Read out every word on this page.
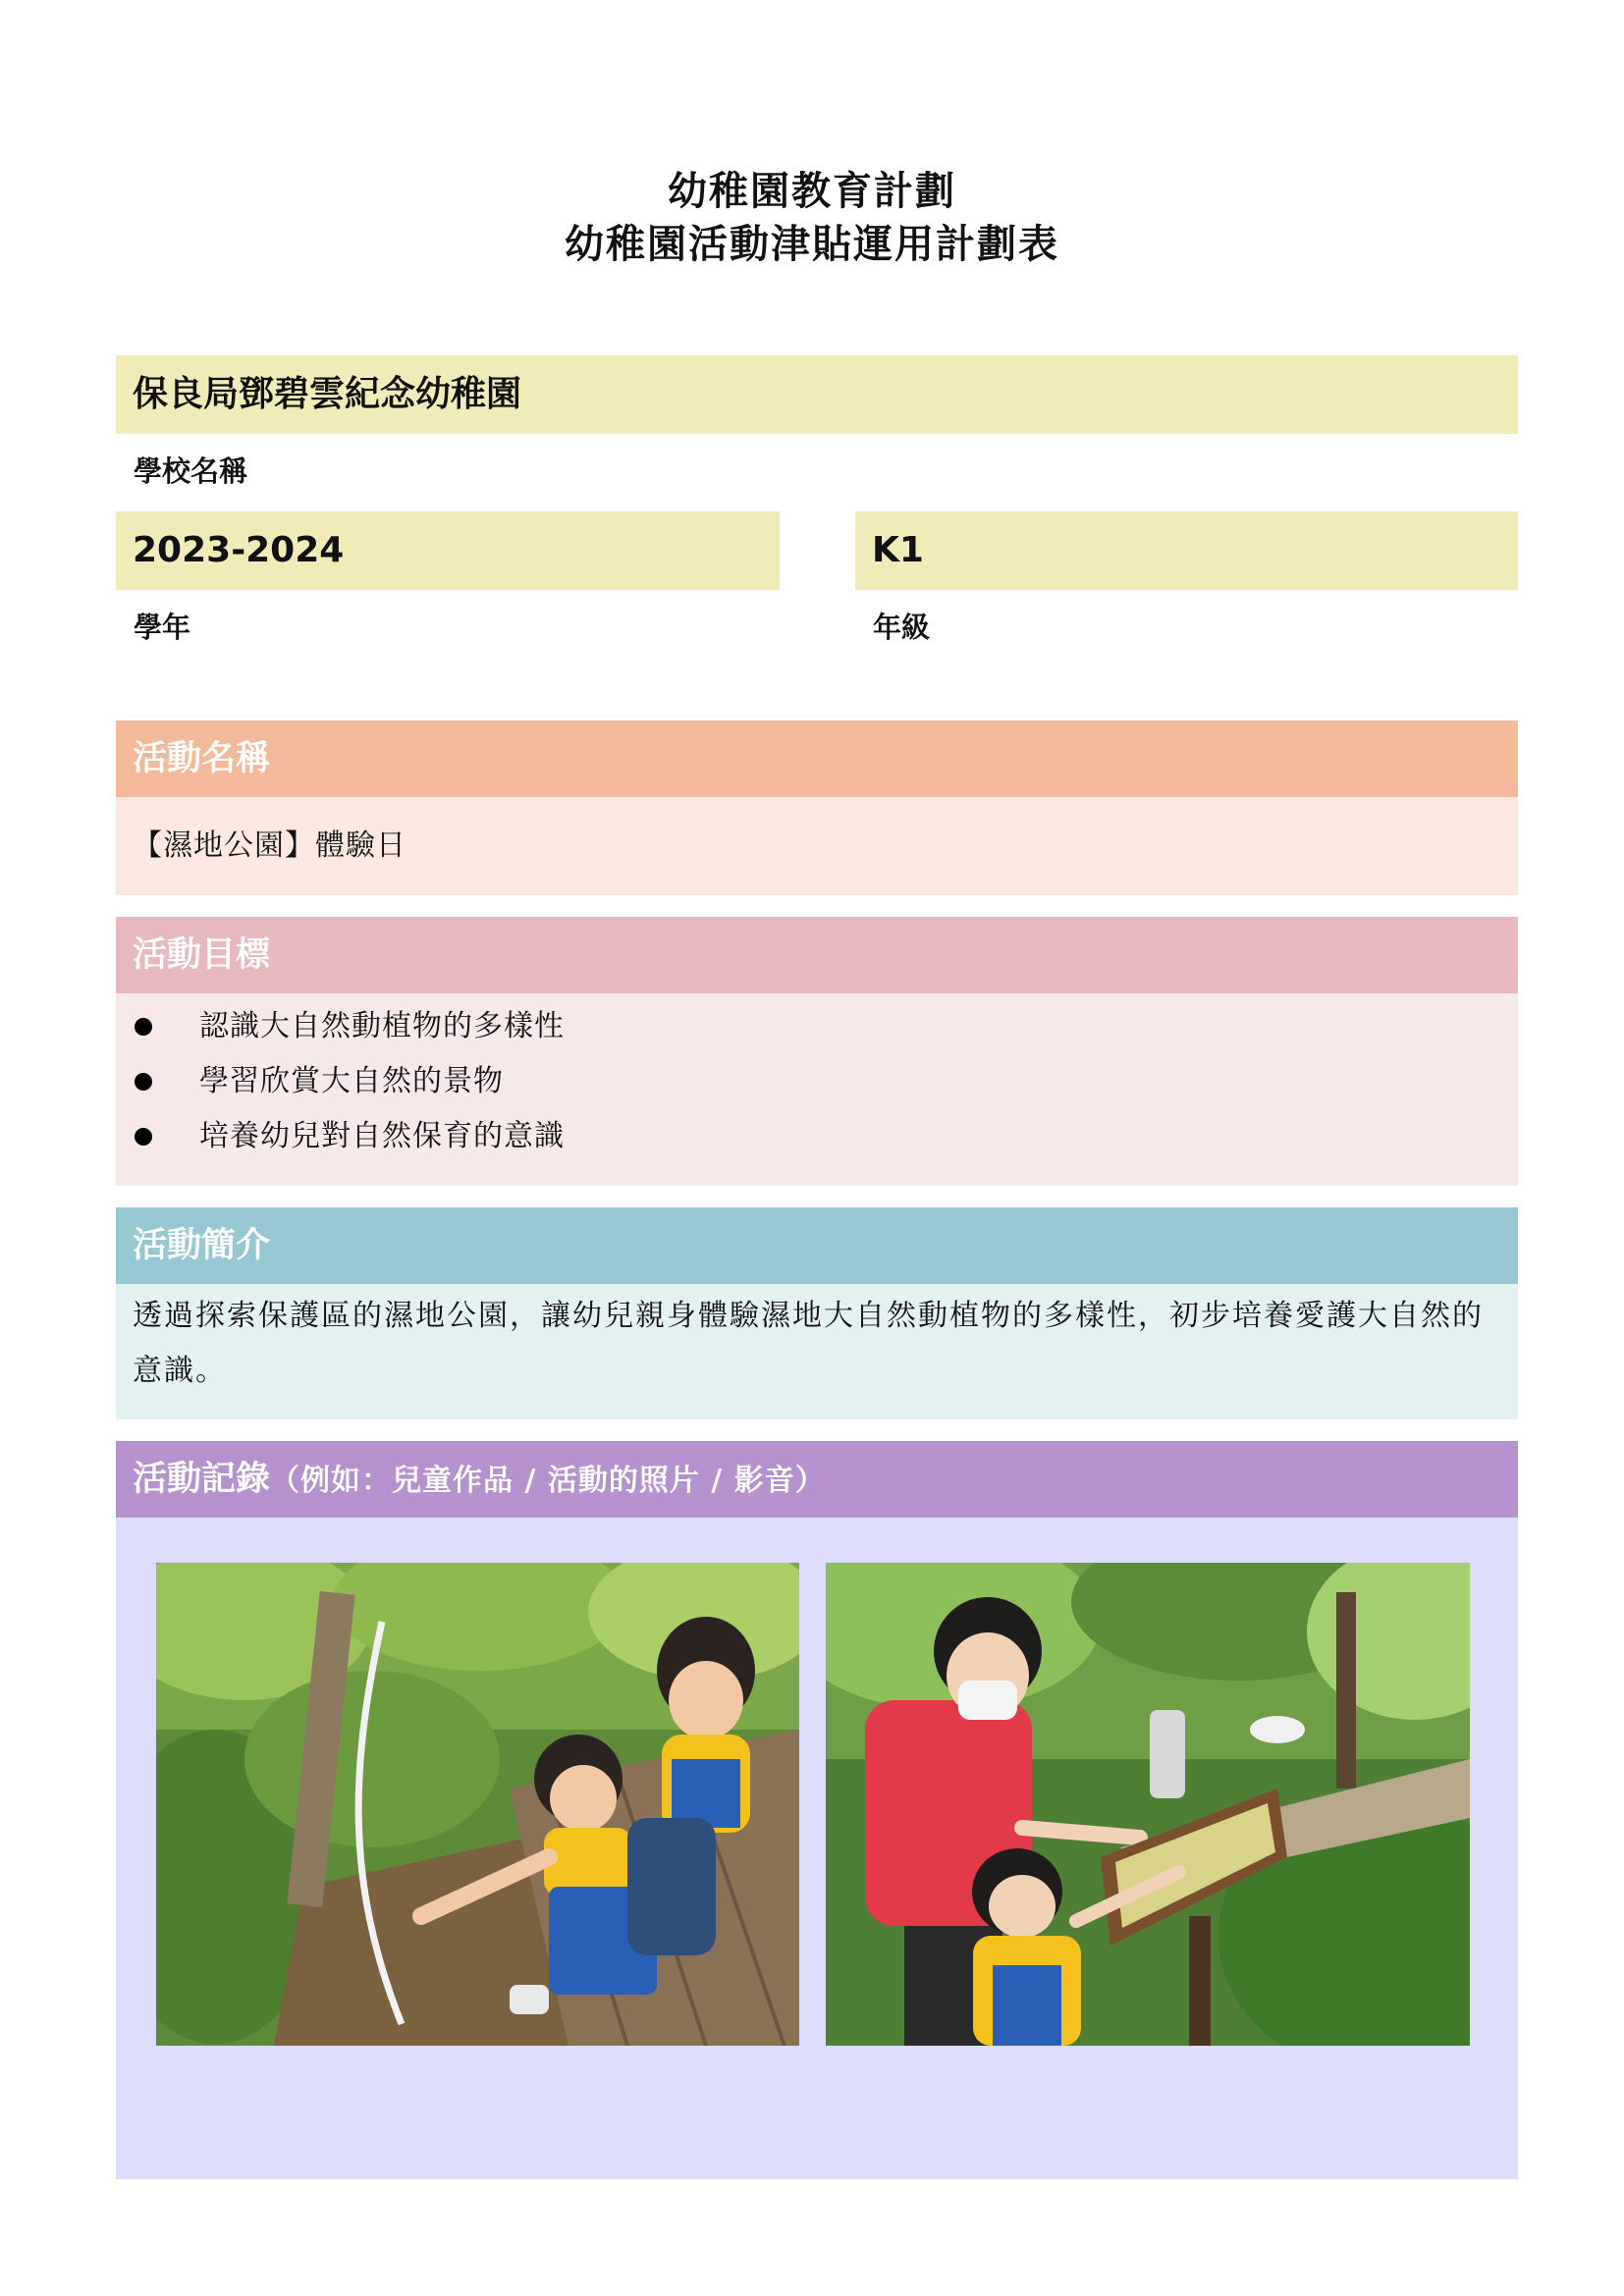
幼稚園教育計劃
幼稚園活動津貼運用計劃表
保良局鄧碧雲紀念幼稚園
學校名稱
2023-2024
學年
K1
年級
活動名稱
【濕地公園】體驗日
活動目標
認識大自然動植物的多樣性
學習欣賞大自然的景物
培養幼兒對自然保育的意識
活動簡介
透過探索保護區的濕地公園，讓幼兒親身體驗濕地大自然動植物的多樣性，初步培養愛護大自然的意識。
活動記錄（例如：兒童作品 / 活動的照片 / 影音）
